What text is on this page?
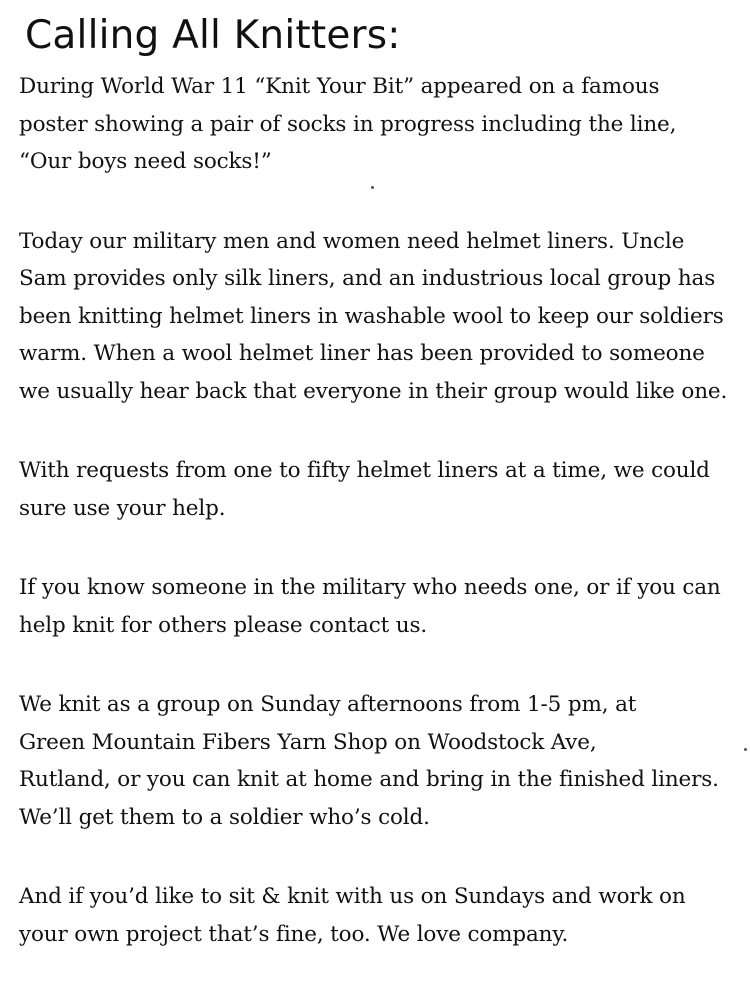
Calling All Knitters:

During World War 11 “Knit Your Bit” appeared on a famous
poster showing a pair of socks in progress including the line,
“Our boys need socks!”

Today our military men and women need helmet liners. Uncle
Sam provides only silk liners, and an industrious local group has
been knitting helmet liners in washable wool to keep our soldiers
warm. When a wool helmet liner has been provided to someone
we usually hear back that everyone in their group would like one.

With requests from one to fifty helmet liners at a time, we could
sure use your help.

If you know someone in the military who needs one, or if you can
help knit for others please contact us.

We knit as a group on Sunday afternoons from 1-5 pm, at
Green Mountain Fibers Yarn Shop on Woodstock Ave,
Rutland, or you can knit at home and bring in the finished liners.
We’ll get them to a soldier who’s cold.

And if you’d like to sit & knit with us on Sundays and work on
your own project that’s fine, too. We love company.
